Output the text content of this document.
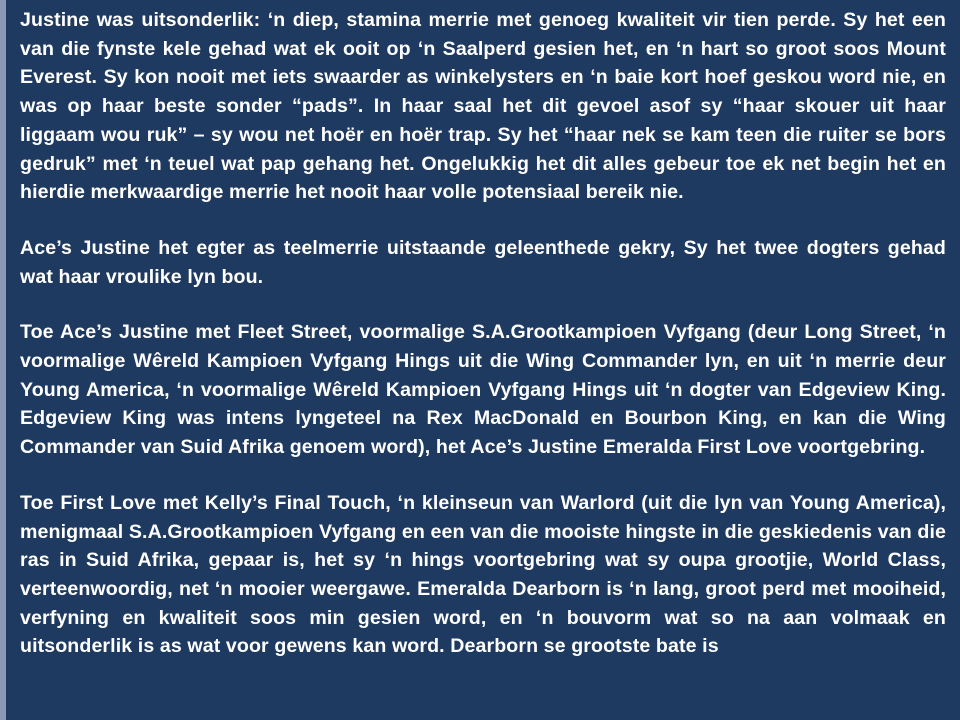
Justine was uitsonderlik: ‘n diep, stamina merrie met genoeg kwaliteit vir tien perde. Sy het een van die fynste kele gehad wat ek ooit op ‘n Saalperd gesien het, en ‘n hart so groot soos Mount Everest. Sy kon nooit met iets swaarder as winkelysters en ‘n baie kort hoef geskou word nie, en was op haar beste sonder “pads”. In haar saal het dit gevoel asof sy “haar skouer uit haar liggaam wou ruk” – sy wou net hoër en hoër trap. Sy het “haar nek se kam teen die ruiter se bors gedruk” met ‘n teuel wat pap gehang het. Ongelukkig het dit alles gebeur toe ek net begin het en hierdie merkwaardige merrie het nooit haar volle potensiaal bereik nie.

Ace’s Justine het egter as teelmerrie uitstaande geleenthede gekry, Sy het twee dogters gehad wat haar vroulike lyn bou.

Toe Ace’s Justine met Fleet Street, voormalige S.A.Grootkampioen Vyfgang (deur Long Street, ‘n voormalige Wêreld Kampioen Vyfgang Hings uit die Wing Commander lyn, en uit ‘n merrie deur Young America, ‘n voormalige Wêreld Kampioen Vyfgang Hings uit ‘n dogter van Edgeview King. Edgeview King was intens lyngeteel na Rex MacDonald en Bourbon King, en kan die Wing Commander van Suid Afrika genoem word), het Ace’s Justine Emeralda First Love voortgebring.

Toe First Love met Kelly’s Final Touch, ‘n kleinseun van Warlord (uit die lyn van Young America), menigmaal S.A.Grootkampioen Vyfgang en een van die mooiste hingste in die geskiedenis van die ras in Suid Afrika, gepaar is, het sy ‘n hings voortgebring wat sy oupa grootjie, World Class, verteenwoordig, net ‘n mooier weergawe. Emeralda Dearborn is ‘n lang, groot perd met mooiheid, verfyning en kwaliteit soos min gesien word, en ‘n bouvorm wat so na aan volmaak en uitsonderlik is as wat voor gewens kan word. Dearborn se grootste bate is
